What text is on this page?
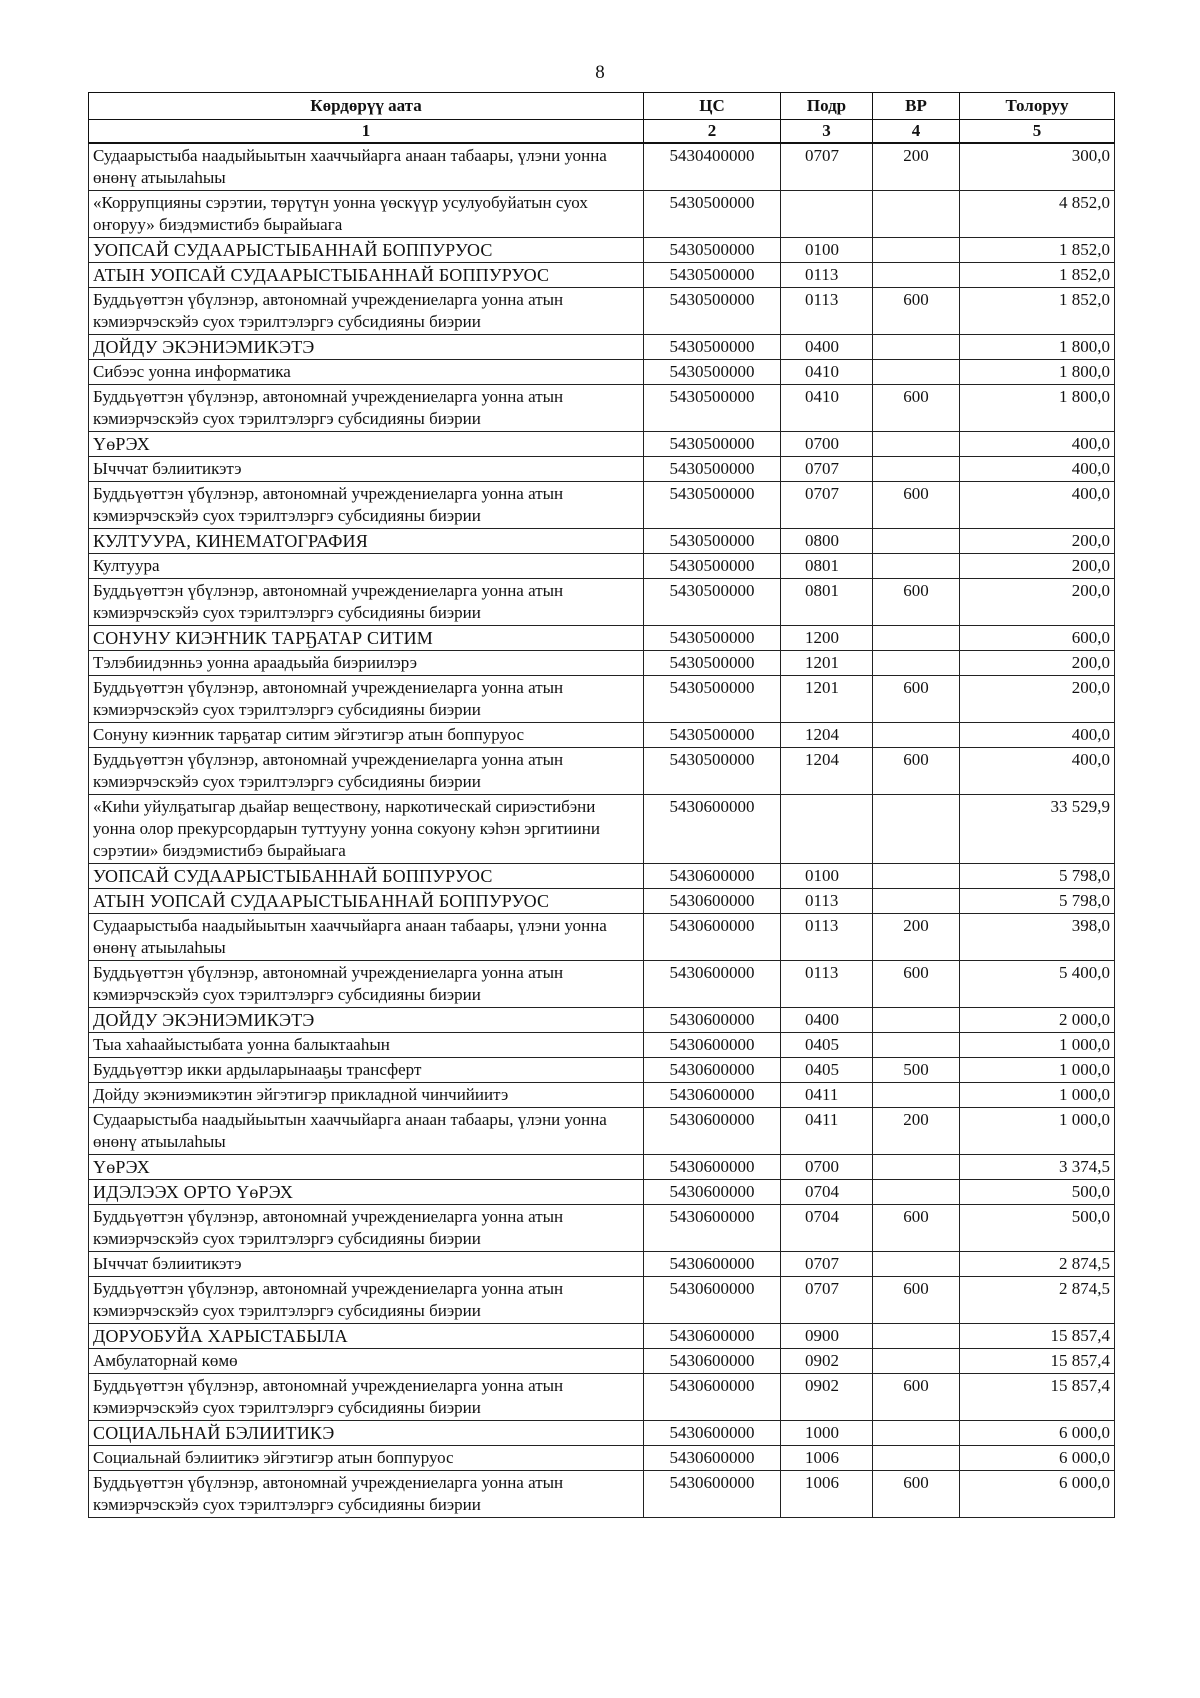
8
Кɵрдɵрүү аата	ЦС	Подр	ВР	Толоруу
1	2	3	4	5
Судаарыстыба наадыйыытын хааччыйарга анаан табаары, үлэни уонна ɵнɵнү атыылаһыы	5430400000	0707	200	300,0
«Коррупцияны сэрэтии, тɵрүтүн уонна үɵскүүр усулуобуйатын суох оҥоруу» биэдэмистибэ бырайыага	5430500000			4 852,0
УОПСАЙ СУДААРЫСТЫБАННАЙ БОППУРУОС	5430500000	0100		1 852,0
АТЫН УОПСАЙ СУДААРЫСТЫБАННАЙ БОППУРУОС	5430500000	0113		1 852,0
Буддьүɵттэн үбүлэнэр, автономнай учреждениеларга уонна атын кэмиэрчэскэйэ суох тэрилтэлэргэ субсидияны биэрии	5430500000	0113	600	1 852,0
ДОЙДУ ЭКЭНИЭМИКЭТЭ	5430500000	0400		1 800,0
Сибээс уонна информатика	5430500000	0410		1 800,0
Буддьүɵттэн үбүлэнэр, автономнай учреждениеларга уонна атын кэмиэрчэскэйэ суох тэрилтэлэргэ субсидияны биэрии	5430500000	0410	600	1 800,0
ҮɵРЭХ	5430500000	0700		400,0
Ычччат бэлиитикэтэ	5430500000	0707		400,0
Буддьүɵттэн үбүлэнэр, автономнай учреждениеларга уонна атын кэмиэрчэскэйэ суох тэрилтэлэргэ субсидияны биэрии	5430500000	0707	600	400,0
КУЛТУУРА, КИНЕМАТОГРАФИЯ	5430500000	0800		200,0
Култуура	5430500000	0801		200,0
Буддьүɵттэн үбүлэнэр, автономнай учреждениеларга уонна атын кэмиэрчэскэйэ суох тэрилтэлэргэ субсидияны биэрии	5430500000	0801	600	200,0
СОНУНУ КИЭҤНИК ТАРҔАТАР СИТИМ	5430500000	1200		600,0
Тэлэбиидэнньэ уонна араадьыйа биэриилэрэ	5430500000	1201		200,0
Буддьүɵттэн үбүлэнэр, автономнай учреждениеларга уонна атын кэмиэрчэскэйэ суох тэрилтэлэргэ субсидияны биэрии	5430500000	1201	600	200,0
Сонуну киэҥник тарҕатар ситим эйгэтигэр атын боппуруос	5430500000	1204		400,0
Буддьүɵттэн үбүлэнэр, автономнай учреждениеларга уонна атын кэмиэрчэскэйэ суох тэрилтэлэргэ субсидияны биэрии	5430500000	1204	600	400,0
«Киһи уйулҕатыгар дьайар веществону, наркотическай сириэстибэни уонна олор прекурсордарын туттууну уонна сокуону кэһэн эргитиини сэрэтии» биэдэмистибэ бырайыага	5430600000			33 529,9
УОПСАЙ СУДААРЫСТЫБАННАЙ БОППУРУОС	5430600000	0100		5 798,0
АТЫН УОПСАЙ СУДААРЫСТЫБАННАЙ БОППУРУОС	5430600000	0113		5 798,0
Судаарыстыба наадыйыытын хааччыйарга анаан табаары, үлэни уонна ɵнɵнү атыылаһыы	5430600000	0113	200	398,0
Буддьүɵттэн үбүлэнэр, автономнай учреждениеларга уонна атын кэмиэрчэскэйэ суох тэрилтэлэргэ субсидияны биэрии	5430600000	0113	600	5 400,0
ДОЙДУ ЭКЭНИЭМИКЭТЭ	5430600000	0400		2 000,0
Тыа хаһаайыстыбата уонна балыктааһын	5430600000	0405		1 000,0
Буддьүɵттэр икки ардыларынааҕы трансферт	5430600000	0405	500	1 000,0
Дойду экэниэмикэтин эйгэтигэр прикладной чинчийиитэ	5430600000	0411		1 000,0
Судаарыстыба наадыйыытын хааччыйарга анаан табаары, үлэни уонна ɵнɵнү атыылаһыы	5430600000	0411	200	1 000,0
ҮɵРЭХ	5430600000	0700		3 374,5
ИДЭЛЭЭХ ОРТО ҮɵРЭХ	5430600000	0704		500,0
Буддьүɵттэн үбүлэнэр, автономнай учреждениеларга уонна атын кэмиэрчэскэйэ суох тэрилтэлэргэ субсидияны биэрии	5430600000	0704	600	500,0
Ычччат бэлиитикэтэ	5430600000	0707		2 874,5
Буддьүɵттэн үбүлэнэр, автономнай учреждениеларга уонна атын кэмиэрчэскэйэ суох тэрилтэлэргэ субсидияны биэрии	5430600000	0707	600	2 874,5
ДОРУОБУЙА ХАРЫСТАБЫЛА	5430600000	0900		15 857,4
Амбулаторнай кɵмɵ	5430600000	0902		15 857,4
Буддьүɵттэн үбүлэнэр, автономнай учреждениеларга уонна атын кэмиэрчэскэйэ суох тэрилтэлэргэ субсидияны биэрии	5430600000	0902	600	15 857,4
СОЦИАЛЬНАЙ БЭЛИИТИКЭ	5430600000	1000		6 000,0
Социальнай бэлиитикэ эйгэтигэр атын боппуруос	5430600000	1006		6 000,0
Буддьүɵттэн үбүлэнэр, автономнай учреждениеларга уонна атын кэмиэрчэскэйэ суох тэрилтэлэргэ субсидияны биэрии	5430600000	1006	600	6 000,0
